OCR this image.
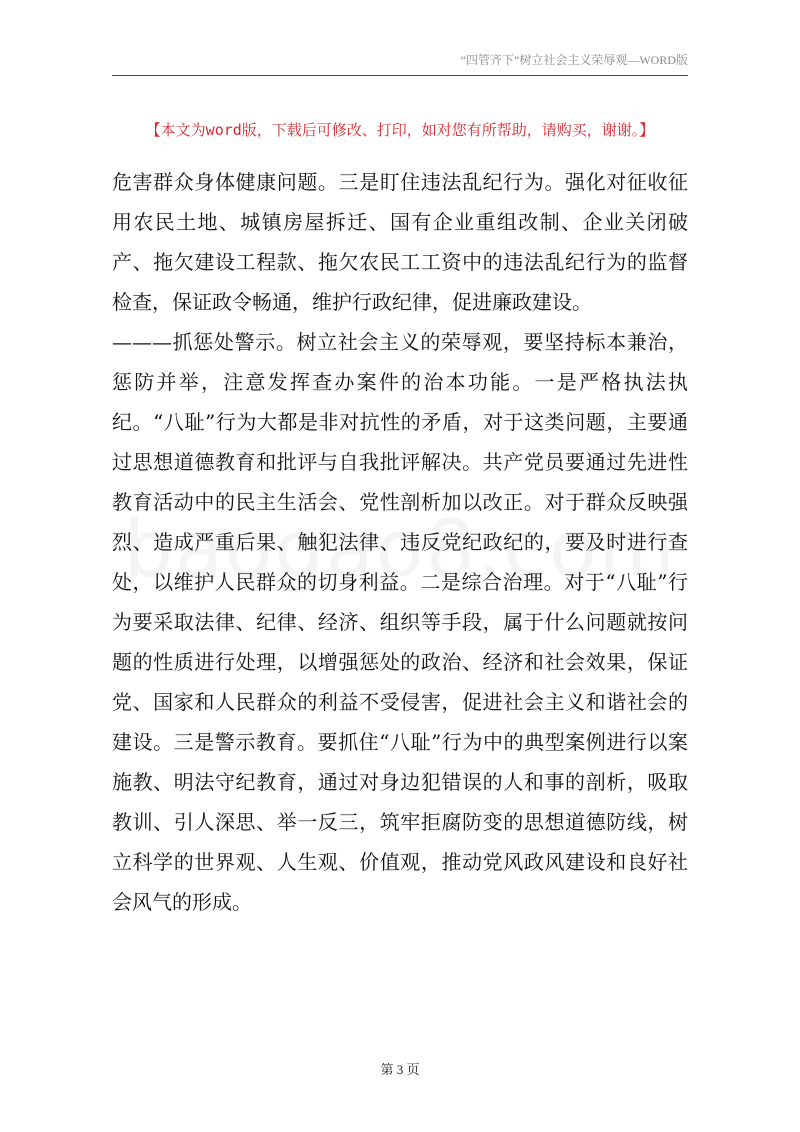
“四管齐下”树立社会主义荣辱观—WORD版
【本文为word版，下载后可修改、打印，如对您有所帮助，请购买，谢谢。】

危害群众身体健康问题。三是盯住违法乱纪行为。强化对征收征用农民土地、城镇房屋拆迁、国有企业重组改制、企业关闭破产、拖欠建设工程款、拖欠农民工工资中的违法乱纪行为的监督检查，保证政令畅通，维护行政纪律，促进廉政建设。

———抓惩处警示。树立社会主义的荣辱观，要坚持标本兼治，惩防并举，注意发挥查办案件的治本功能。一是严格执法执纪。“八耻”行为大都是非对抗性的矛盾，对于这类问题，主要通过思想道德教育和批评与自我批评解决。共产党员要通过先进性教育活动中的民主生活会、党性剖析加以改正。对于群众反映强烈、造成严重后果、触犯法律、违反党纪政纪的，要及时进行查处，以维护人民群众的切身利益。二是综合治理。对于“八耻”行为要采取法律、纪律、经济、组织等手段，属于什么问题就按问题的性质进行处理，以增强惩处的政治、经济和社会效果，保证党、国家和人民群众的利益不受侵害，促进社会主义和谐社会的建设。三是警示教育。要抓住“八耻”行为中的典型案例进行以案施教、明法守纪教育，通过对身边犯错误的人和事的剖析，吸取教训、引人深思、举一反三，筑牢拒腐防变的思想道德防线，树立科学的世界观、人生观、价值观，推动党风政风建设和良好社会风气的形成。

第 3 页
